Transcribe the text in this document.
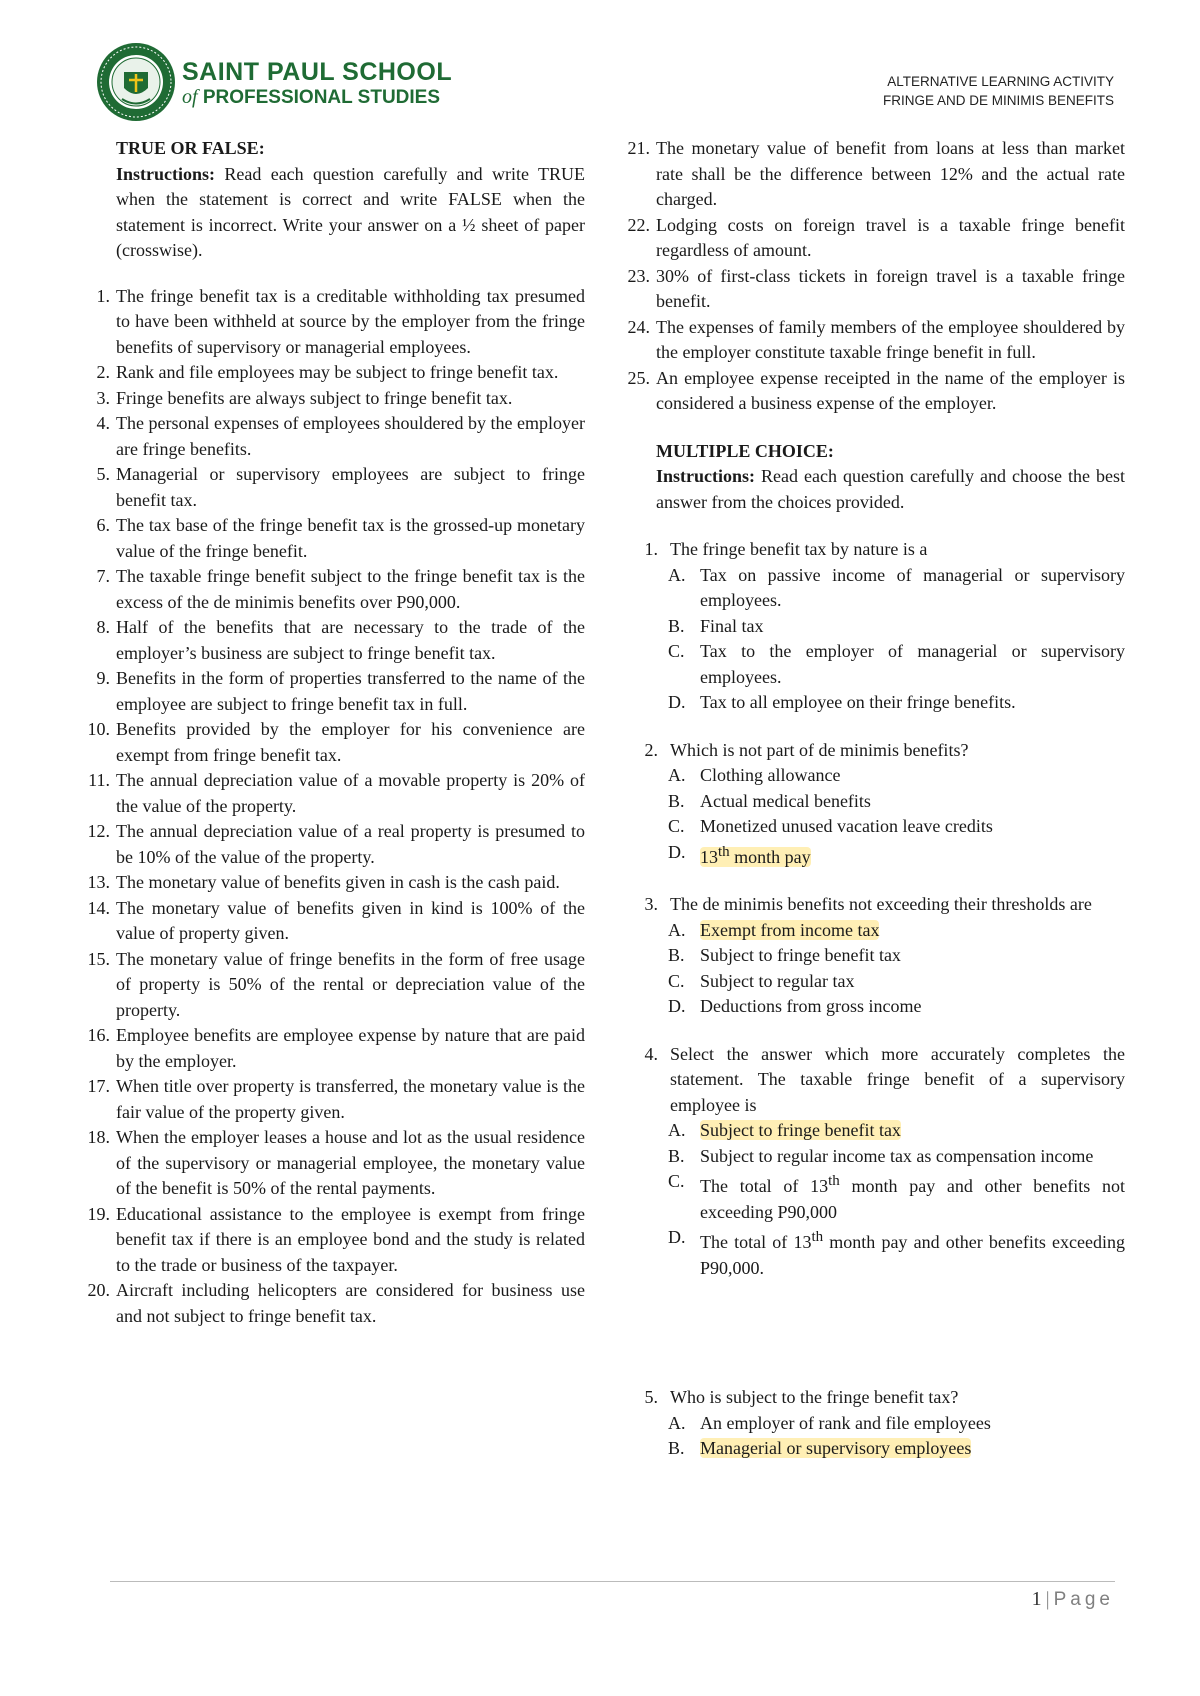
SAINT PAUL SCHOOL
of PROFESSIONAL STUDIES
ALTERNATIVE LEARNING ACTIVITY
FRINGE AND DE MINIMIS BENEFITS
TRUE OR FALSE:
Instructions: Read each question carefully and write TRUE when the statement is correct and write FALSE when the statement is incorrect. Write your answer on a ½ sheet of paper (crosswise).
1. The fringe benefit tax is a creditable withholding tax presumed to have been withheld at source by the employer from the fringe benefits of supervisory or managerial employees.
2. Rank and file employees may be subject to fringe benefit tax.
3. Fringe benefits are always subject to fringe benefit tax.
4. The personal expenses of employees shouldered by the employer are fringe benefits.
5. Managerial or supervisory employees are subject to fringe benefit tax.
6. The tax base of the fringe benefit tax is the grossed-up monetary value of the fringe benefit.
7. The taxable fringe benefit subject to the fringe benefit tax is the excess of the de minimis benefits over P90,000.
8. Half of the benefits that are necessary to the trade of the employer’s business are subject to fringe benefit tax.
9. Benefits in the form of properties transferred to the name of the employee are subject to fringe benefit tax in full.
10. Benefits provided by the employer for his convenience are exempt from fringe benefit tax.
11. The annual depreciation value of a movable property is 20% of the value of the property.
12. The annual depreciation value of a real property is presumed to be 10% of the value of the property.
13. The monetary value of benefits given in cash is the cash paid.
14. The monetary value of benefits given in kind is 100% of the value of property given.
15. The monetary value of fringe benefits in the form of free usage of property is 50% of the rental or depreciation value of the property.
16. Employee benefits are employee expense by nature that are paid by the employer.
17. When title over property is transferred, the monetary value is the fair value of the property given.
18. When the employer leases a house and lot as the usual residence of the supervisory or managerial employee, the monetary value of the benefit is 50% of the rental payments.
19. Educational assistance to the employee is exempt from fringe benefit tax if there is an employee bond and the study is related to the trade or business of the taxpayer.
20. Aircraft including helicopters are considered for business use and not subject to fringe benefit tax.
21. The monetary value of benefit from loans at less than market rate shall be the difference between 12% and the actual rate charged.
22. Lodging costs on foreign travel is a taxable fringe benefit regardless of amount.
23. 30% of first-class tickets in foreign travel is a taxable fringe benefit.
24. The expenses of family members of the employee shouldered by the employer constitute taxable fringe benefit in full.
25. An employee expense receipted in the name of the employer is considered a business expense of the employer.
MULTIPLE CHOICE:
Instructions: Read each question carefully and choose the best answer from the choices provided.
1. The fringe benefit tax by nature is a
A. Tax on passive income of managerial or supervisory employees.
B. Final tax
C. Tax to the employer of managerial or supervisory employees.
D. Tax to all employee on their fringe benefits.
2. Which is not part of de minimis benefits?
A. Clothing allowance
B. Actual medical benefits
C. Monetized unused vacation leave credits
D. 13th month pay
3. The de minimis benefits not exceeding their thresholds are
A. Exempt from income tax
B. Subject to fringe benefit tax
C. Subject to regular tax
D. Deductions from gross income
4. Select the answer which more accurately completes the statement. The taxable fringe benefit of a supervisory employee is
A. Subject to fringe benefit tax
B. Subject to regular income tax as compensation income
C. The total of 13th month pay and other benefits not exceeding P90,000
D. The total of 13th month pay and other benefits exceeding P90,000.
5. Who is subject to the fringe benefit tax?
A. An employer of rank and file employees
B. Managerial or supervisory employees
1 | Page
